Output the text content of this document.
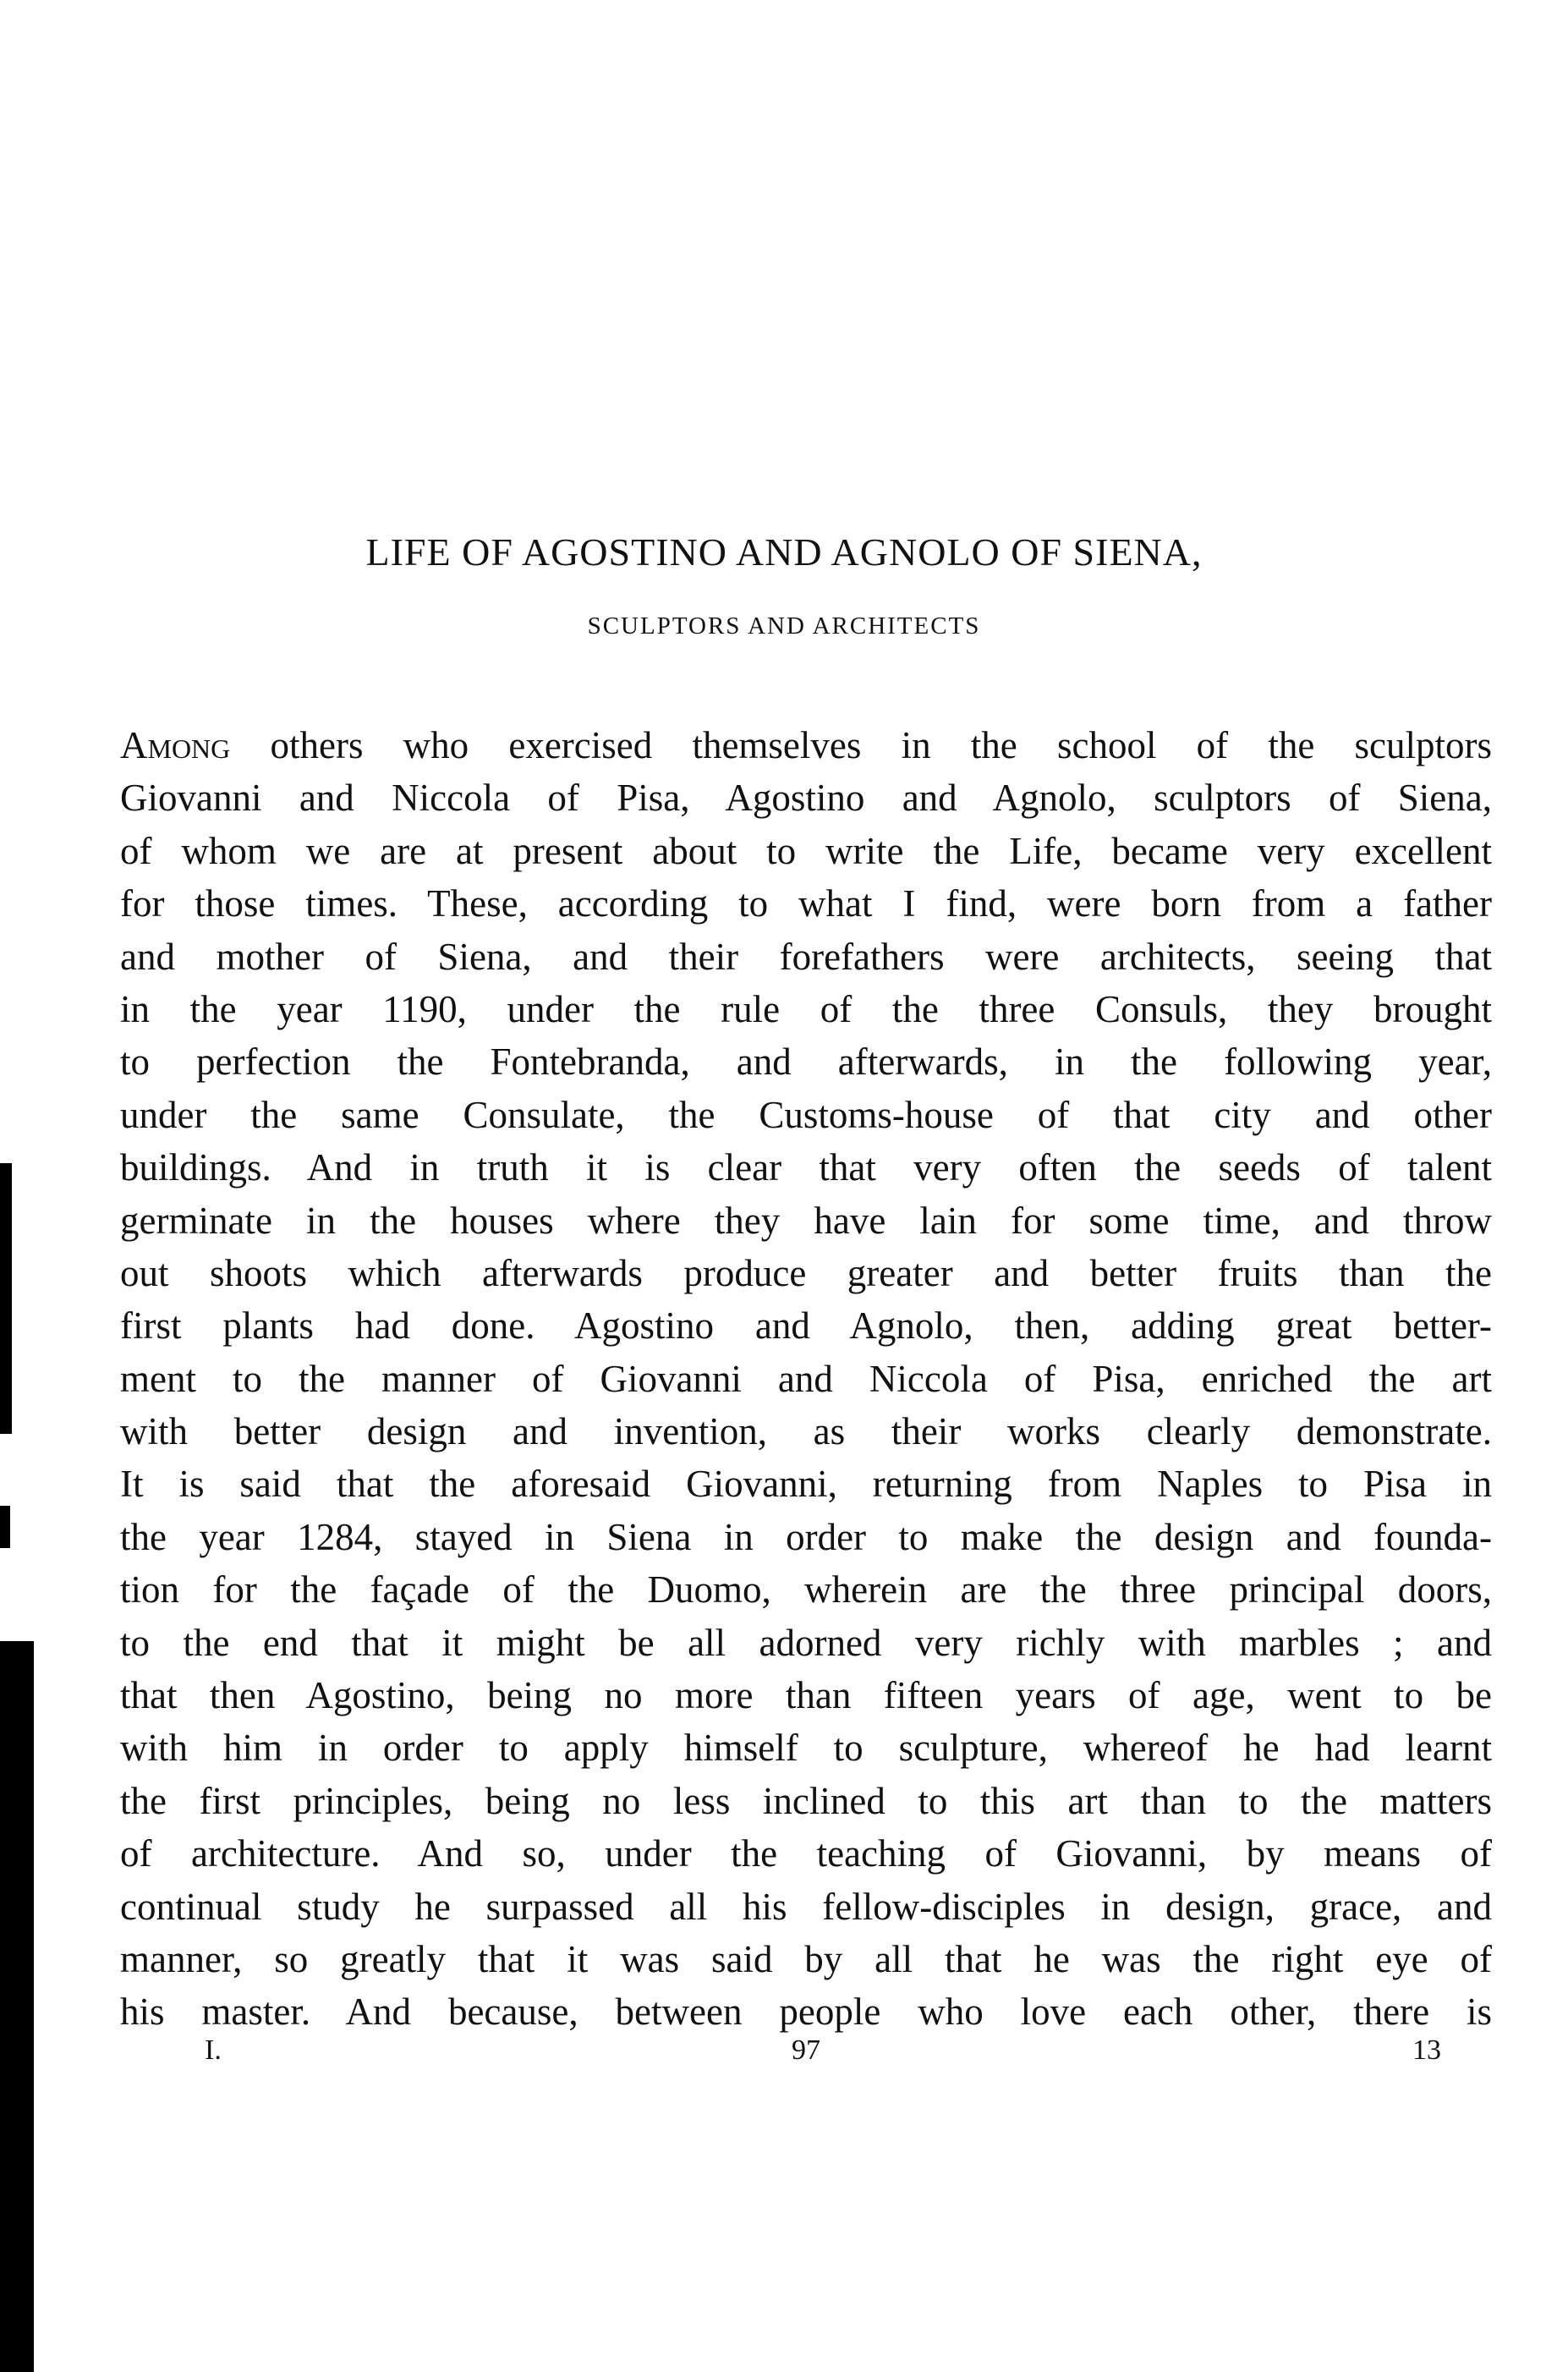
LIFE OF AGOSTINO AND AGNOLO OF SIENA,
SCULPTORS AND ARCHITECTS
Among others who exercised themselves in the school of the sculptors
Giovanni and Niccola of Pisa, Agostino and Agnolo, sculptors of Siena,
of whom we are at present about to write the Life, became very excellent
for those times. These, according to what I find, were born from a father
and mother of Siena, and their forefathers were architects, seeing that
in the year 1190, under the rule of the three Consuls, they brought
to perfection the Fontebranda, and afterwards, in the following year,
under the same Consulate, the Customs-house of that city and other
buildings. And in truth it is clear that very often the seeds of talent
germinate in the houses where they have lain for some time, and throw
out shoots which afterwards produce greater and better fruits than the
first plants had done. Agostino and Agnolo, then, adding great better-
ment to the manner of Giovanni and Niccola of Pisa, enriched the art
with better design and invention, as their works clearly demonstrate.
It is said that the aforesaid Giovanni, returning from Naples to Pisa in
the year 1284, stayed in Siena in order to make the design and founda-
tion for the façade of the Duomo, wherein are the three principal doors,
to the end that it might be all adorned very richly with marbles ; and
that then Agostino, being no more than fifteen years of age, went to be
with him in order to apply himself to sculpture, whereof he had learnt
the first principles, being no less inclined to this art than to the matters
of architecture. And so, under the teaching of Giovanni, by means of
continual study he surpassed all his fellow-disciples in design, grace, and
manner, so greatly that it was said by all that he was the right eye of
his master. And because, between people who love each other, there is
I.	97	13
